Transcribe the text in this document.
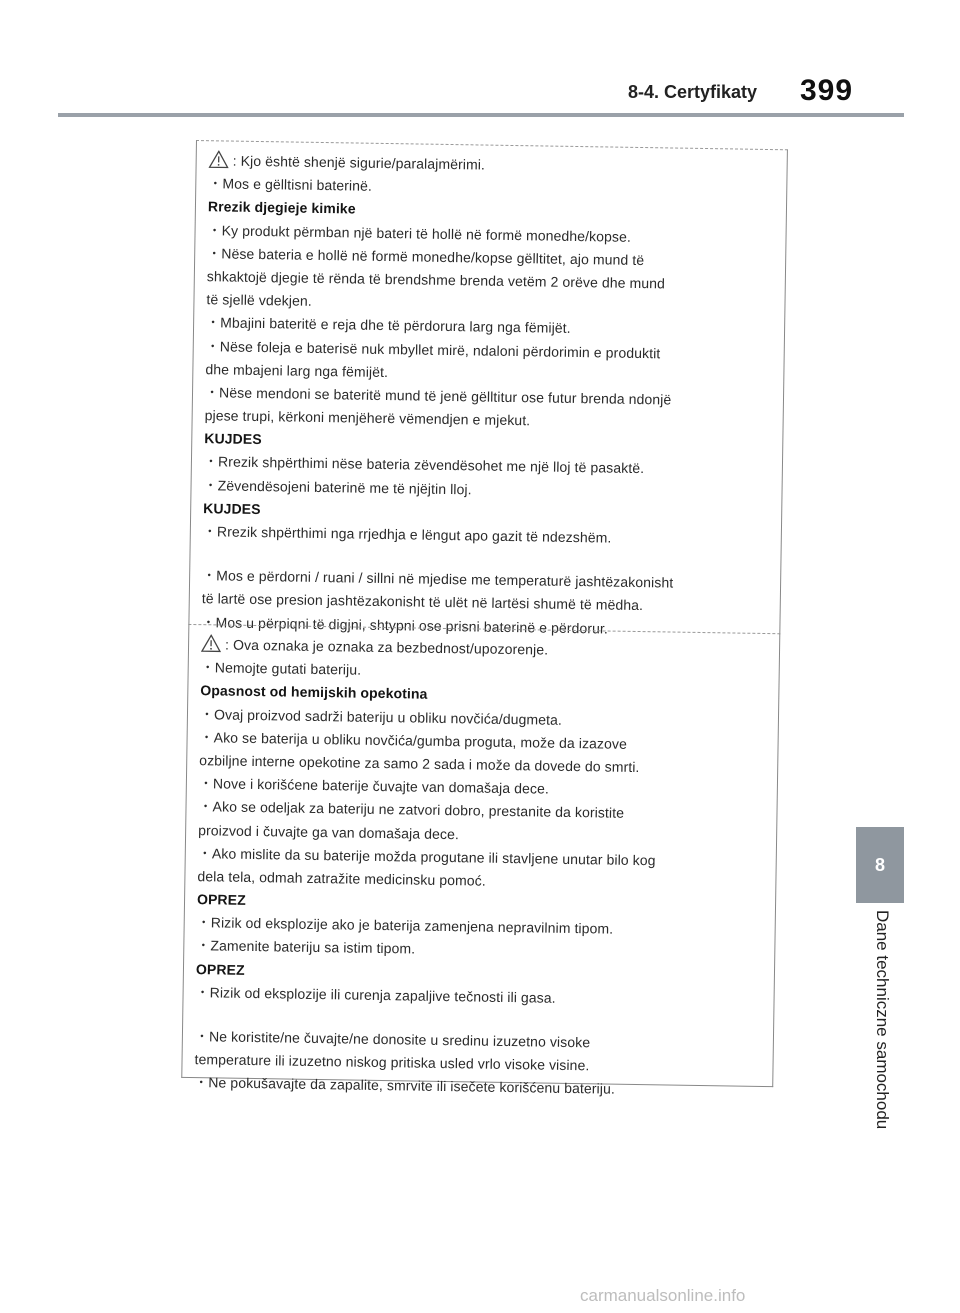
8-4. Certyfikaty 399
8
Dane techniczne samochodu
: Kjo është shenjë sigurie/paralajmërimi.
・Mos e gëlltisni baterinë.
Rrezik djegieje kimike
・Ky produkt përmban një bateri të hollë në formë monedhe/kopse.
・Nëse bateria e hollë në formë monedhe/kopse gëlltitet, ajo mund të
shkaktojë djegie të rënda të brendshme brenda vetëm 2 orëve dhe mund
të sjellë vdekjen.
・Mbajini bateritë e reja dhe të përdorura larg nga fëmijët.
・Nëse foleja e baterisë nuk mbyllet mirë, ndaloni përdorimin e produktit
dhe mbajeni larg nga fëmijët.
・Nëse mendoni se bateritë mund të jenë gëlltitur ose futur brenda ndonjë
pjese trupi, kërkoni menjëherë vëmendjen e mjekut.
KUJDES
・Rrezik shpërthimi nëse bateria zëvendësohet me një lloj të pasaktë.
・Zëvendësojeni baterinë me të njëjtin lloj.
KUJDES
・Rrezik shpërthimi nga rrjedhja e lëngut apo gazit të ndezshëm.
・Mos e përdorni / ruani / sillni në mjedise me temperaturë jashtëzakonisht
të lartë ose presion jashtëzakonisht të ulët në lartësi shumë të mëdha.
・Mos u përpiqni të digjni, shtypni ose prisni baterinë e përdorur.
: Ova oznaka je oznaka za bezbednost/upozorenje.
・Nemojte gutati bateriju.
Opasnost od hemijskih opekotina
・Ovaj proizvod sadrži bateriju u obliku novčića/dugmeta.
・Ako se baterija u obliku novčića/gumba proguta, može da izazove
ozbiljne interne opekotine za samo 2 sada i može da dovede do smrti.
・Nove i korišćene baterije čuvajte van domašaja dece.
・Ako se odeljak za bateriju ne zatvori dobro, prestanite da koristite
proizvod i čuvajte ga van domašaja dece.
・Ako mislite da su baterije možda progutane ili stavljene unutar bilo kog
dela tela, odmah zatražite medicinsku pomoć.
OPREZ
・Rizik od eksplozije ako je baterija zamenjena nepravilnim tipom.
・Zamenite bateriju sa istim tipom.
OPREZ
・Rizik od eksplozije ili curenja zapaljive tečnosti ili gasa.
・Ne koristite/ne čuvajte/ne donosite u sredinu izuzetno visoke
temperature ili izuzetno niskog pritiska usled vrlo visoke visine.
・Ne pokušavajte da zapalite, smrvite ili isečete korišćenu bateriju.
carmanualsonline.info
